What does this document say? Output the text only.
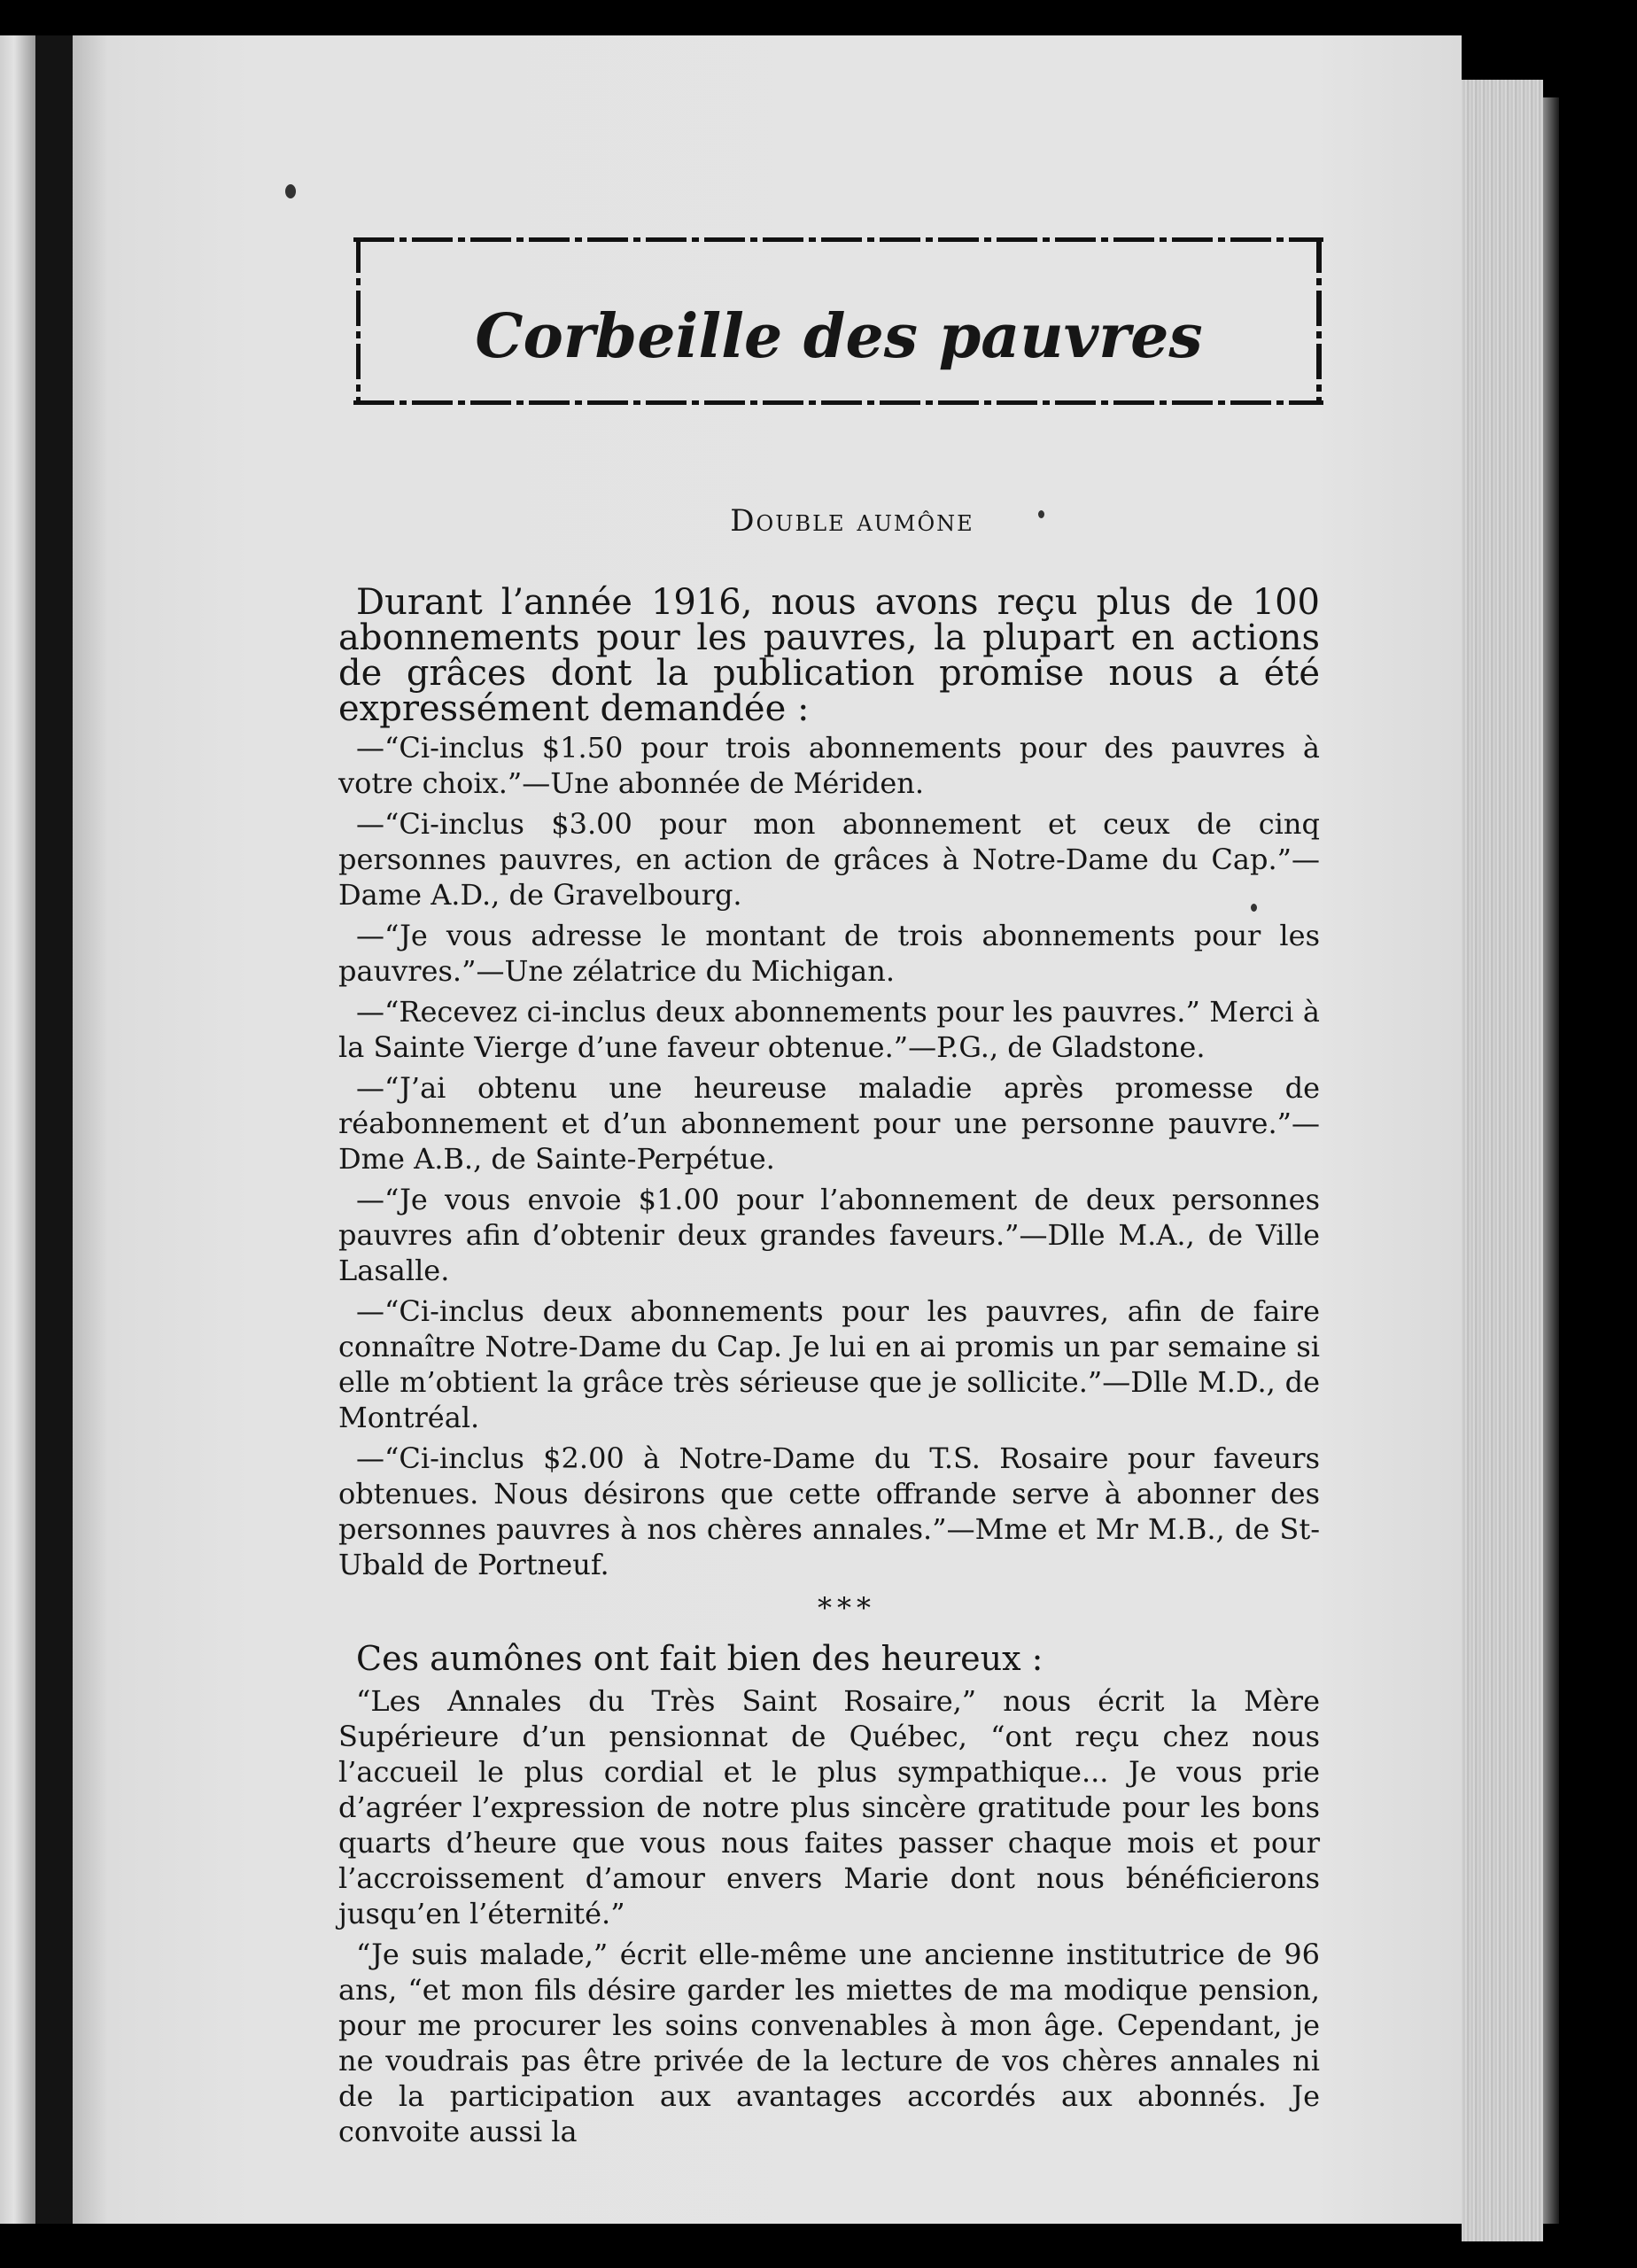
Corbeille des pauvres
Double aumône

Durant l’année 1916, nous avons reçu plus de 100 abonnements pour les pauvres, la plupart en actions de grâces dont la publication promise nous a été expressément demandée :

—“Ci-inclus $1.50 pour trois abonnements pour des pauvres à votre choix.”—Une abonnée de Mériden.

—“Ci-inclus $3.00 pour mon abonnement et ceux de cinq personnes pauvres, en action de grâces à Notre-Dame du Cap.”—Dame A.D., de Gravelbourg.

—“Je vous adresse le montant de trois abonnements pour les pauvres.”—Une zélatrice du Michigan.

—“Recevez ci-inclus deux abonnements pour les pauvres.” Merci à la Sainte Vierge d’une faveur obtenue.”—P.G., de Gladstone.

—“J’ai obtenu une heureuse maladie après promesse de réabonnement et d’un abonnement pour une personne pauvre.”—Dme A.B., de Sainte-Perpétue.

—“Je vous envoie $1.00 pour l’abonnement de deux personnes pauvres afin d’obtenir deux grandes faveurs.”—Dlle M.A., de Ville Lasalle.

—“Ci-inclus deux abonnements pour les pauvres, afin de faire connaître Notre-Dame du Cap. Je lui en ai promis un par semaine si elle m’obtient la grâce très sérieuse que je sollicite.”—Dlle M.D., de Montréal.

—“Ci-inclus $2.00 à Notre-Dame du T.S. Rosaire pour faveurs obtenues. Nous désirons que cette offrande serve à abonner des personnes pauvres à nos chères annales.”—Mme et Mr M.B., de St-Ubald de Portneuf.

***

Ces aumônes ont fait bien des heureux :

“Les Annales du Très Saint Rosaire,” nous écrit la Mère Supérieure d’un pensionnat de Québec, “ont reçu chez nous l’accueil le plus cordial et le plus sympathique... Je vous prie d’agréer l’expression de notre plus sincère gratitude pour les bons quarts d’heure que vous nous faites passer chaque mois et pour l’accroissement d’amour envers Marie dont nous bénéficierons jusqu’en l’éternité.”

“Je suis malade,” écrit elle-même une ancienne institutrice de 96 ans, “et mon fils désire garder les miettes de ma modique pension, pour me procurer les soins convenables à mon âge. Cependant, je ne voudrais pas être privée de la lecture de vos chères annales ni de la participation aux avantages accordés aux abonnés. Je convoite aussi la
